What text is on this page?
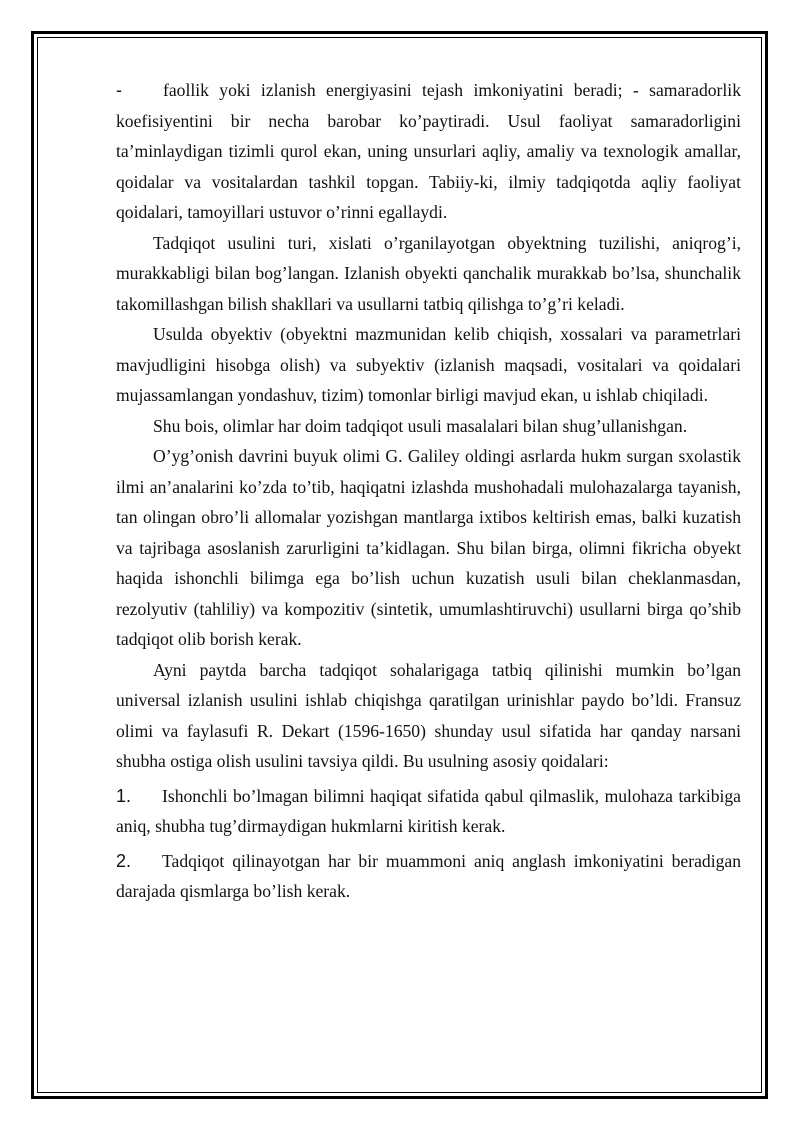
- faollik yoki izlanish energiyasini tejash imkoniyatini beradi; - samaradorlik koefisiyentini bir necha barobar ko’paytiradi. Usul faoliyat samaradorligini ta’minlaydigan tizimli qurol ekan, uning unsurlari aqliy, amaliy va texnologik amallar, qoidalar va vositalardan tashkil topgan. Tabiiy-ki, ilmiy tadqiqotda aqliy faoliyat qoidalari, tamoyillari ustuvor o’rinni egallaydi.

Tadqiqot usulini turi, xislati o’rganilayotgan obyektning tuzilishi, aniqrog’i, murakkabligi bilan bog’langan. Izlanish obyekti qanchalik murakkab bo’lsa, shunchalik takomillashgan bilish shakllari va usullarni tatbiq qilishga to’g’ri keladi.

Usulda obyektiv (obyektni mazmunidan kelib chiqish, xossalari va parametrlari mavjudligini hisobga olish) va subyektiv (izlanish maqsadi, vositalari va qoidalari mujassamlangan yondashuv, tizim) tomonlar birligi mavjud ekan, u ishlab chiqiladi.

Shu bois, olimlar har doim tadqiqot usuli masalalari bilan shug’ullanishgan.

O’yg’onish davrini buyuk olimi G. Galiley oldingi asrlarda hukm surgan sxolastik ilmi an’analarini ko’zda to’tib, haqiqatni izlashda mushohadali mulohazalarga tayanish, tan olingan obro’li allomalar yozishgan mantlarga ixtibos keltirish emas, balki kuzatish va tajribaga asoslanish zarurligini ta’kidlagan. Shu bilan birga, olimni fikricha obyekt haqida ishonchli bilimga ega bo’lish uchun kuzatish usuli bilan cheklanmasdan, rezolyutiv (tahliliy) va kompozitiv (sintetik, umumlashtiruvchi) usullarni birga qo’shib tadqiqot olib borish kerak.

Ayni paytda barcha tadqiqot sohalarigaga tatbiq qilinishi mumkin bo’lgan universal izlanish usulini ishlab chiqishga qaratilgan urinishlar paydo bo’ldi. Fransuz olimi va faylasufi R. Dekart (1596-1650) shunday usul sifatida har qanday narsani shubha ostiga olish usulini tavsiya qildi. Bu usulning asosiy qoidalari:

1. Ishonchli bo’lmagan bilimni haqiqat sifatida qabul qilmaslik, mulohaza tarkibiga aniq, shubha tug’dirmaydigan hukmlarni kiritish kerak.

2. Tadqiqot qilinayotgan har bir muammoni aniq anglash imkoniyatini beradigan darajada qismlarga bo’lish kerak.
